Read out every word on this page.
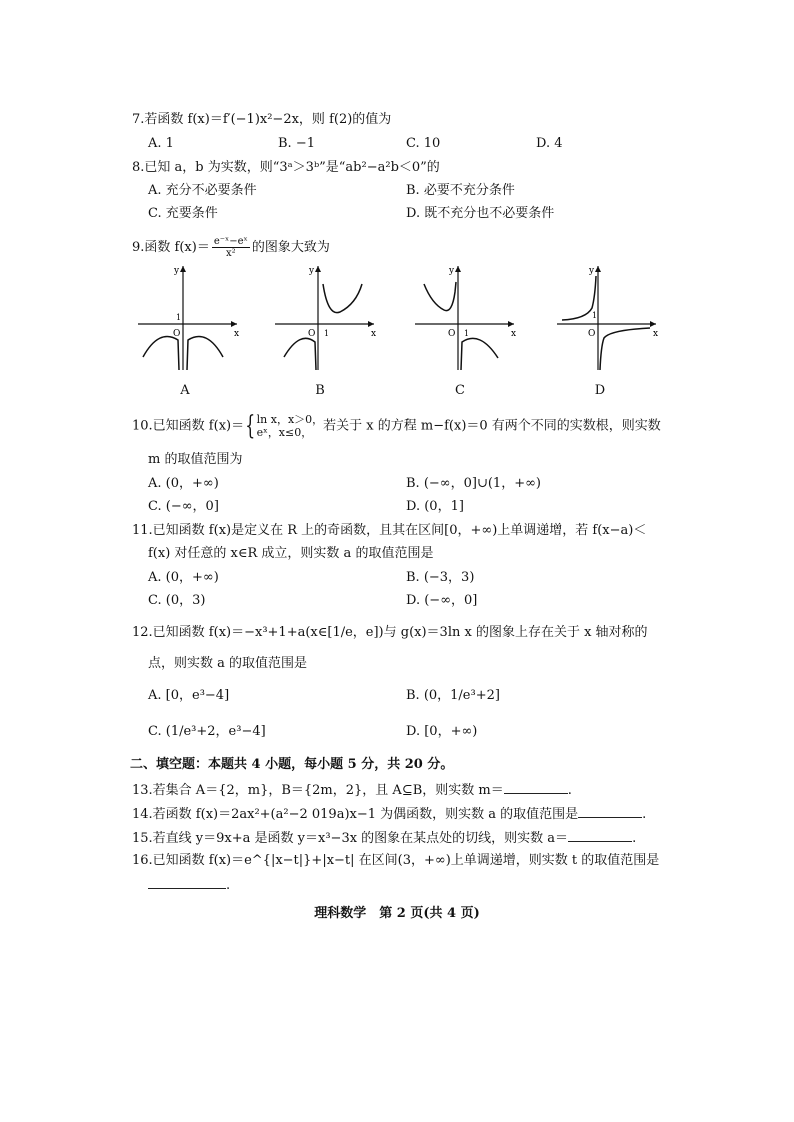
7.若函数 f(x)＝f′(−1)x²−2x，则 f(2)的值为
A. 1	B. −1	C. 10	D. 4
8.已知 a，b 为实数，则“3ᵃ＞3ᵇ”是“ab²−a²b＜0”的
A. 充分不必要条件	B. 必要不充分条件
C. 充要条件	D. 既不充分也不必要条件
9.函数 $f(x)= \frac{\text{e⁻ˣ−eˣ}}{\text{x²}}$ 的图象大致为
y
x
O
1
A
y
x
O 1
B
y
x
O 1
C
y
x
O
1
D
10.已知函数 f(x)＝{ ln x，x＞0，
eˣ，x≤0， 若关于 x 的方程 m−f(x)＝0 有两个不同的实数根，则实数
m 的取值范围为
A. (0，+∞)	B. (−∞，0]∪(1，+∞)
C. (−∞，0]	D. (0，1]
11.已知函数 f(x)是定义在 R 上的奇函数，且其在区间[0，+∞)上单调递增，若 f(x−a)＜
f(x) 对任意的 x∈R 成立，则实数 a 的取值范围是
A. (0，+∞)	B. (−3，3)
C. (0，3)	D. (−∞，0]
12.已知函数 f(x)＝−x³+1+a(x∈[1/e，e])与 g(x)＝3ln x 的图象上存在关于 x 轴对称的
点，则实数 a 的取值范围是
A. [0，e³−4]	B. (0，1/e³+2]
C. (1/e³+2，e³−4]	D. [0，+∞)
二、填空题：本题共 4 小题，每小题 5 分，共 20 分。
13.若集合 A＝{2，m}，B＝{2m，2}，且 A⊆B，则实数 m＝	.
14.若函数 f(x)＝2ax²+(a²−2 019a)x−1 为偶函数，则实数 a 的取值范围是	.
15.若直线 y＝9x+a 是函数 y＝x³−3x 的图象在某点处的切线，则实数 a＝	.
16.已知函数 f(x)＝e^{|x−t|}+|x−t| 在区间(3，+∞)上单调递增，则实数 t 的取值范围是
.
理科数学　第 2 页(共 4 页)
